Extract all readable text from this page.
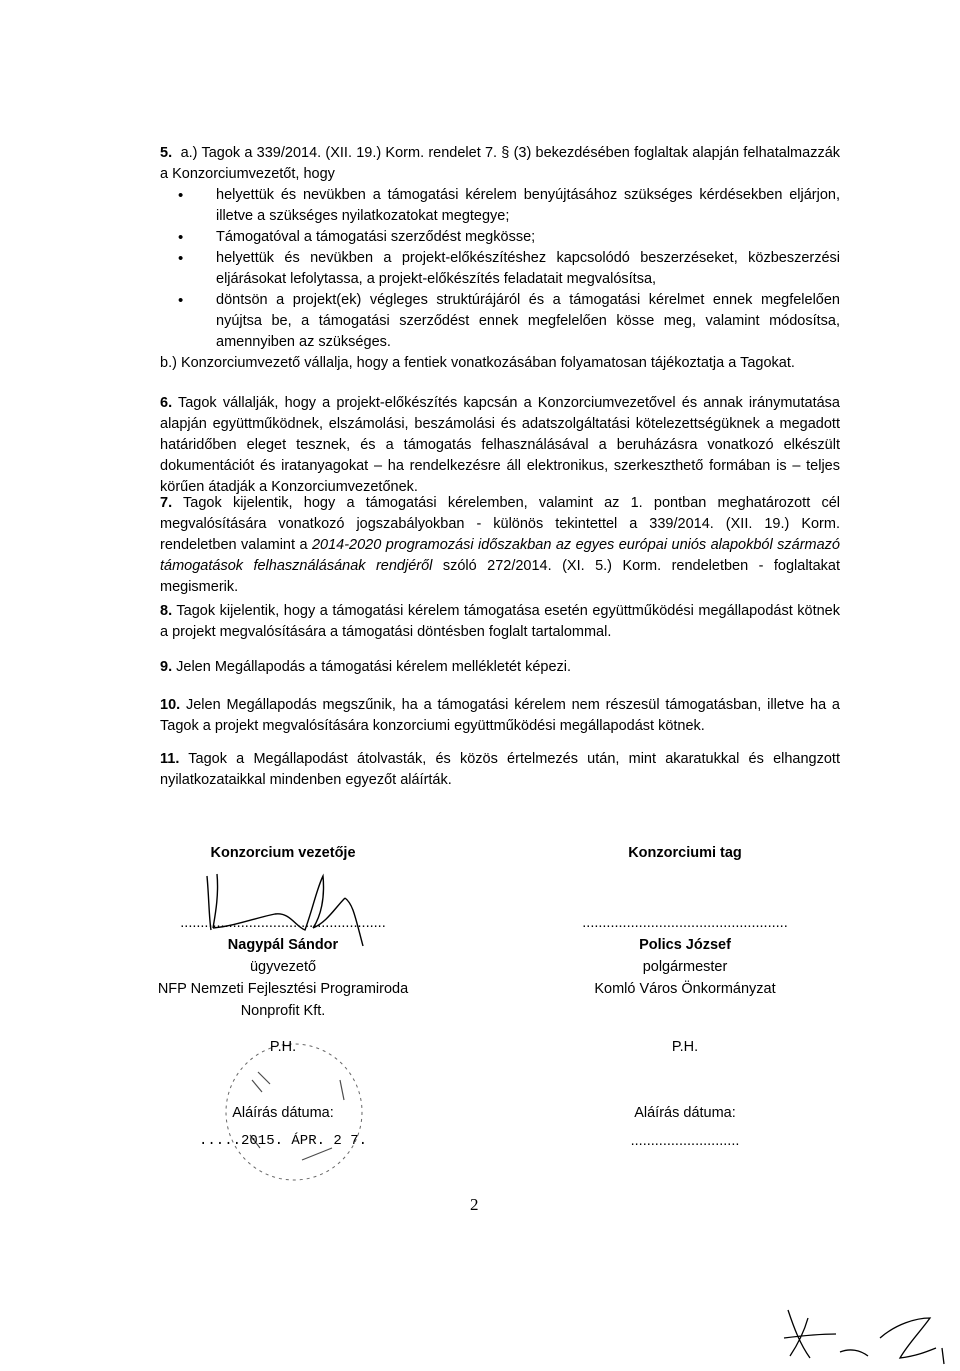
5. a.) Tagok a 339/2014. (XII. 19.) Korm. rendelet 7. § (3) bekezdésében foglaltak alapján felhatalmazzák a Konzorciumvezetőt, hogy
• helyettük és nevükben a támogatási kérelem benyújtásához szükséges kérdésekben eljárjon, illetve a szükséges nyilatkozatokat megtegye;
• Támogatóval a támogatási szerződést megkösse;
• helyettük és nevükben a projekt-előkészítéshez kapcsolódó beszerzéseket, közbeszerzési eljárásokat lefolytassa, a projekt-előkészítés feladatait megvalósítsa,
• döntsön a projekt(ek) végleges struktúrájáról és a támogatási kérelmet ennek megfelelően nyújtsa be, a támogatási szerződést ennek megfelelően kösse meg, valamint módosítsa, amennyiben az szükséges.
b.) Konzorciumvezető vállalja, hogy a fentiek vonatkozásában folyamatosan tájékoztatja a Tagokat.
6. Tagok vállalják, hogy a projekt-előkészítés kapcsán a Konzorciumvezetővel és annak iránymutatása alapján együttműködnek, elszámolási, beszámolási és adatszolgáltatási kötelezettségüknek a megadott határidőben eleget tesznek, és a támogatás felhasználásával a beruházásra vonatkozó elkészült dokumentációt és iratanyagokat – ha rendelkezésre áll elektronikus, szerkeszthető formában is – teljes körűen átadják a Konzorciumvezetőnek.
7. Tagok kijelentik, hogy a támogatási kérelemben, valamint az 1. pontban meghatározott cél megvalósítására vonatkozó jogszabályokban - különös tekintettel a 339/2014. (XII. 19.) Korm. rendeletben valamint a 2014-2020 programozási időszakban az egyes európai uniós alapokból származó támogatások felhasználásának rendjéről szóló 272/2014. (XI. 5.) Korm. rendeletben - foglaltakat megismerik.
8. Tagok kijelentik, hogy a támogatási kérelem támogatása esetén együttműködési megállapodást kötnek a projekt megvalósítására a támogatási döntésben foglalt tartalommal.
9. Jelen Megállapodás a támogatási kérelem mellékletét képezi.
10. Jelen Megállapodás megszűnik, ha a támogatási kérelem nem részesül támogatásban, illetve ha a Tagok a projekt megvalósítására konzorciumi együttműködési megállapodást kötnek.
11. Tagok a Megállapodást átolvasták, és közös értelmezés után, mint akaratukkal és elhangzott nyilatkozataikkal mindenben egyezőt aláírták.
Konzorcium vezetője
...................................................
Nagypál Sándor
ügyvezető
NFP Nemzeti Fejlesztési Programiroda
Nonprofit Kft.
P.H.
Aláírás dátuma:
.....2015. ÁPR. 2 7.
Konzorciumi tag
...................................................
Polics József
polgármester
Komló Város Önkormányzat
P.H.
Aláírás dátuma:
...........................
2
